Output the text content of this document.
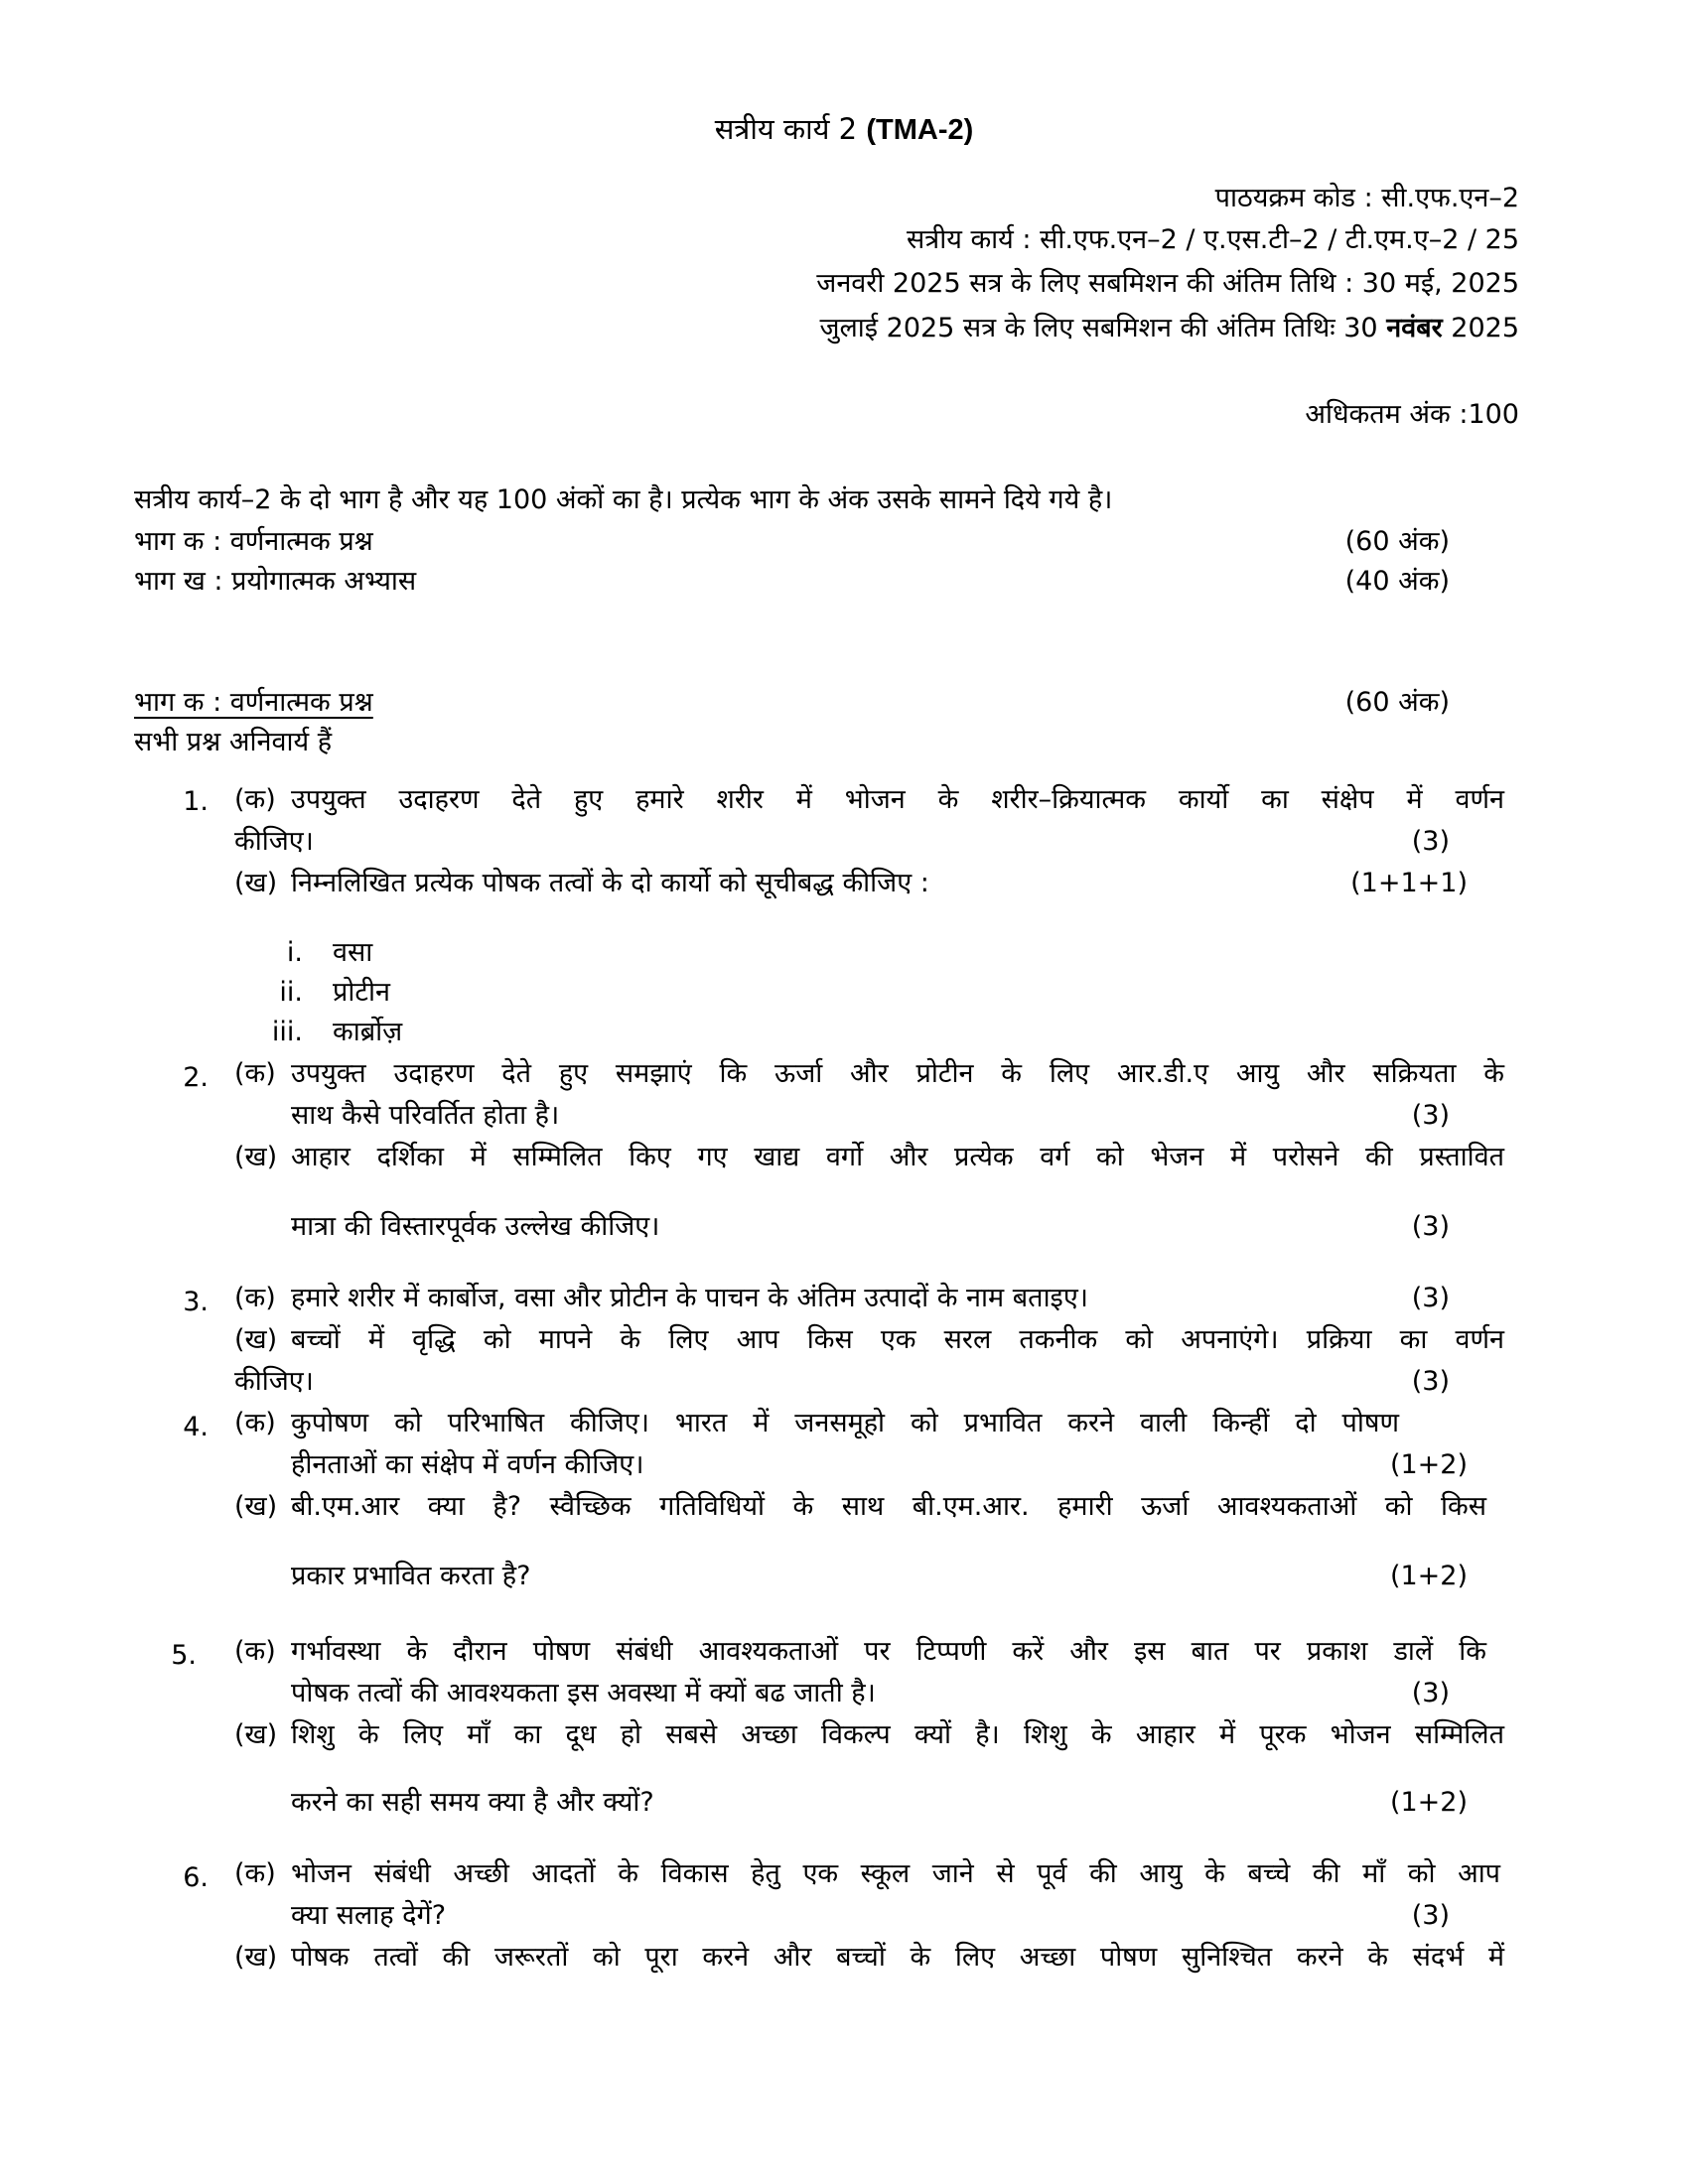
सत्रीय कार्य 2 (TMA-2)
पाठयक्रम कोड : सी.एफ.एन–2
सत्रीय कार्य : सी.एफ.एन–2 / ए.एस.टी–2 / टी.एम.ए–2 / 25
जनवरी 2025 सत्र के लिए सबमिशन की अंतिम तिथि : 30 मई, 2025
जुलाई 2025 सत्र के लिए सबमिशन की अंतिम तिथिः 30 नवंबर 2025
अधिकतम अंक :100
सत्रीय कार्य–2 के दो भाग है और यह 100 अंकों का है। प्रत्येक भाग के अंक उसके सामने दिये गये है।
भाग क : वर्णनात्मक प्रश्न	(60 अंक)
भाग ख : प्रयोगात्मक अभ्यास	(40 अंक)
भाग क : वर्णनात्मक प्रश्न	(60 अंक)
सभी प्रश्न अनिवार्य हैं
1. (क) उपयुक्त उदाहरण देते हुए हमारे शरीर में भोजन के शरीर–क्रियात्मक कार्यो का संक्षेप में वर्णन
कीजिए।	(3)
(ख) निम्नलिखित प्रत्येक पोषक तत्वों के दो कार्यो को सूचीबद्ध कीजिए :	(1+1+1)
i. वसा
ii. प्रोटीन
iii. कार्ब्रोज़
2. (क) उपयुक्त उदाहरण देते हुए समझाएं कि ऊर्जा और प्रोटीन के लिए आर.डी.ए आयु और सक्रियता के
साथ कैसे परिवर्तित होता है।	(3)
(ख) आहार दर्शिका में सम्मिलित किए गए खाद्य वर्गो और प्रत्येक वर्ग को भेजन में परोसने की प्रस्तावित
मात्रा की विस्तारपूर्वक उल्लेख कीजिए।	(3)
3. (क) हमारे शरीर में कार्बोज, वसा और प्रोटीन के पाचन के अंतिम उत्पादों के नाम बताइए।	(3)
(ख) बच्चों में वृद्धि को मापने के लिए आप किस एक सरल तकनीक को अपनाएंगे। प्रक्रिया का वर्णन
कीजिए।	(3)
4. (क) कुपोषण को परिभाषित कीजिए। भारत में जनसमूहो को प्रभावित करने वाली किन्हीं दो पोषण
हीनताओं का संक्षेप में वर्णन कीजिए।	(1+2)
(ख) बी.एम.आर क्या है? स्वैच्छिक गतिविधियों के साथ बी.एम.आर. हमारी ऊर्जा आवश्यकताओं को किस
प्रकार प्रभावित करता है?	(1+2)
5. (क) गर्भावस्था के दौरान पोषण संबंधी आवश्यकताओं पर टिप्पणी करें और इस बात पर प्रकाश डालें कि
पोषक तत्वों की आवश्यकता इस अवस्था में क्यों बढ जाती है।	(3)
(ख) शिशु के लिए माँ का दूध हो सबसे अच्छा विकल्प क्यों है। शिशु के आहार में पूरक भोजन सम्मिलित
करने का सही समय क्या है और क्यों?	(1+2)
6. (क) भोजन संबंधी अच्छी आदतों के विकास हेतु एक स्कूल जाने से पूर्व की आयु के बच्चे की माँ को आप
क्या सलाह देगें?	(3)
(ख) पोषक तत्वों की जरूरतों को पूरा करने और बच्चों के लिए अच्छा पोषण सुनिश्चित करने के संदर्भ में
